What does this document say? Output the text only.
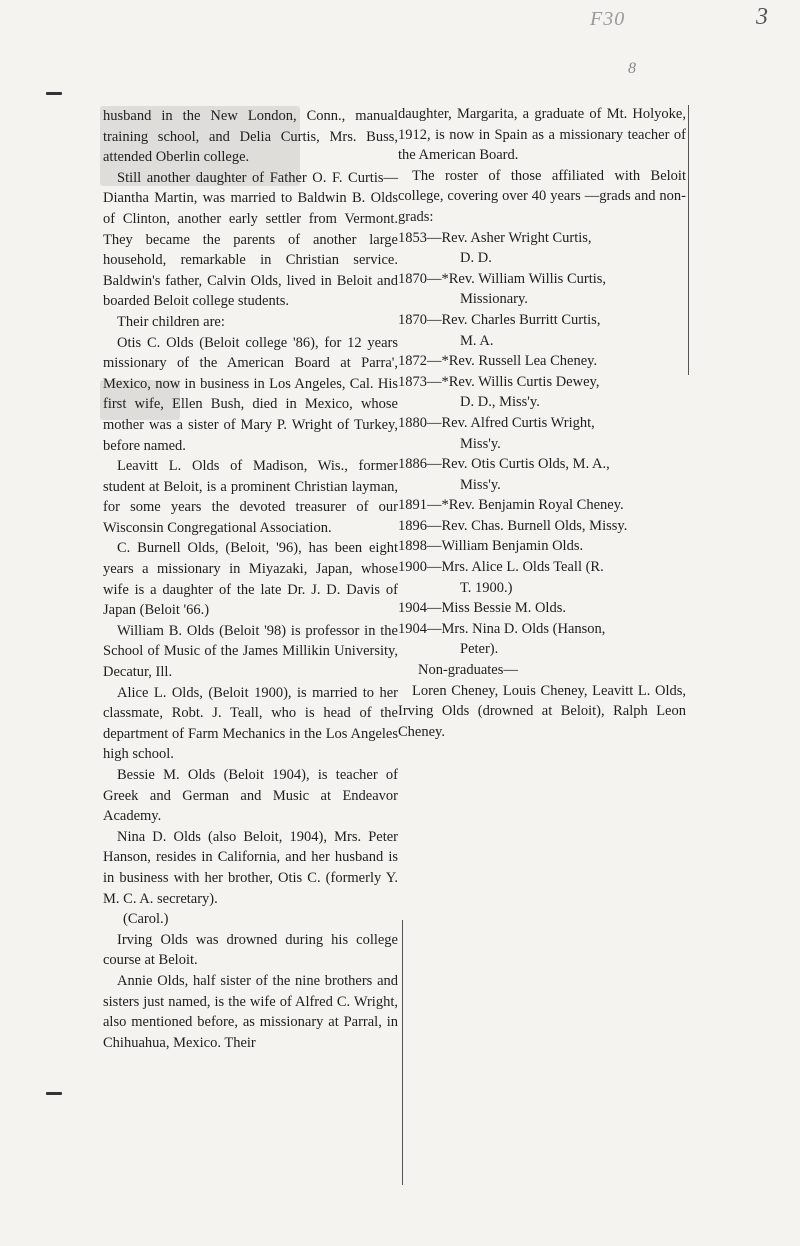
3
F30
8

husband in the New London, Conn., manual training school, and Delia Curtis, Mrs. Buss, attended Oberlin college.

Still another daughter of Father O. F. Curtis—Diantha Martin, was married to Baldwin B. Olds of Clinton, another early settler from Vermont. They became the parents of another large household, remarkable in Christian service. Baldwin's father, Calvin Olds, lived in Beloit and boarded Beloit college students.

Their children are:

Otis C. Olds (Beloit college '86), for 12 years missionary of the American Board at Parra', Mexico, now in business in Los Angeles, Cal. His first wife, Ellen Bush, died in Mexico, whose mother was a sister of Mary P. Wright of Turkey, before named.

Leavitt L. Olds of Madison, Wis., former student at Beloit, is a prominent Christian layman, for some years the devoted treasurer of our Wisconsin Congregational Association.

C. Burnell Olds, (Beloit, '96), has been eight years a missionary in Miyazaki, Japan, whose wife is a daughter of the late Dr. J. D. Davis of Japan (Beloit '66.)

William B. Olds (Beloit '98) is professor in the School of Music of the James Millikin University, Decatur, Ill.

Alice L. Olds, (Beloit 1900), is married to her classmate, Robt. J. Teall, who is head of the department of Farm Mechanics in the Los Angeles high school.

Bessie M. Olds (Beloit 1904), is teacher of Greek and German and Music at Endeavor Academy.

Nina D. Olds (also Beloit, 1904), Mrs. Peter Hanson, resides in California, and her husband is in business with her brother, Otis C. (formerly Y. M. C. A. secretary).

(Carol.)

Irving Olds was drowned during his college course at Beloit.

Annie Olds, half sister of the nine brothers and sisters just named, is the wife of Alfred C. Wright, also mentioned before, as missionary at Parral, in Chihuahua, Mexico. Their

daughter, Margarita, a graduate of Mt. Holyoke, 1912, is now in Spain as a missionary teacher of the American Board.

The roster of those affiliated with Beloit college, covering over 40 years —grads and non-grads:

1853 —Rev. Asher Wright Curtis,

D. D.

1870 —*Rev. William Willis Curtis,

Missionary.

1870 —Rev. Charles Burritt Curtis,

M. A.

1872 —*Rev. Russell Lea Cheney.
1873 —*Rev. Willis Curtis Dewey,

D. D., Miss'y.

1880 —Rev. Alfred Curtis Wright,

Miss'y.

1886 —Rev. Otis Curtis Olds, M. A.,

Miss'y.

1891 —*Rev. Benjamin Royal Cheney.
1896 —Rev. Chas. Burnell Olds, Missy.
1898 —William Benjamin Olds.
1900 —Mrs. Alice L. Olds Teall (R.

T. 1900.)

1904 —Miss Bessie M. Olds.
1904 —Mrs. Nina D. Olds (Hanson,

Peter).

Non-graduates—

Loren Cheney, Louis Cheney, Leavitt L. Olds, Irving Olds (drowned at Beloit), Ralph Leon Cheney.
